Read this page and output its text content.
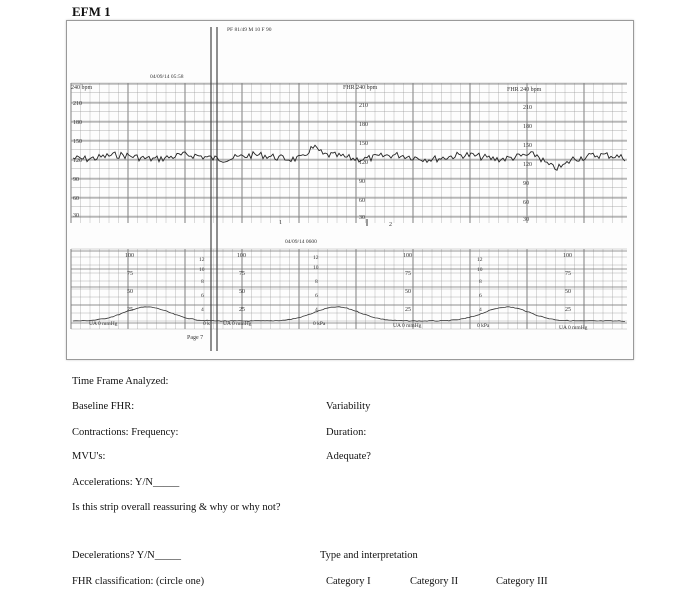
EFM 1
PF 81/49 M 10 F 90
04/09/14 05:58
04/09/14 0600
240 bpm	FHR 240 bpm	FHR 240 bpm
210
180
150
120
90
60
30
210
180
150
120
90
60
30
210
180
150
120
90
60
30
1	2
100
75
50
25
100
75
50
25
100
75
50
25
100
75
50
25
12
10
8
6
4
12
10
8
6
4
12
10
8
6
4
UA 0 mmHg	UA 0 mmHg	UA 0 mmHg	UA 0 mmHg
0 k	0 kPa	0 kPa
Page 7
Time Frame Analyzed:
Baseline FHR:	Variability
Contractions: Frequency:	Duration:
MVU's:	Adequate?
Accelerations: Y/N_____
Is this strip overall reassuring & why or why not?
Decelerations? Y/N_____	Type and interpretation
FHR classification: (circle one)	Category I	Category II	Category III
